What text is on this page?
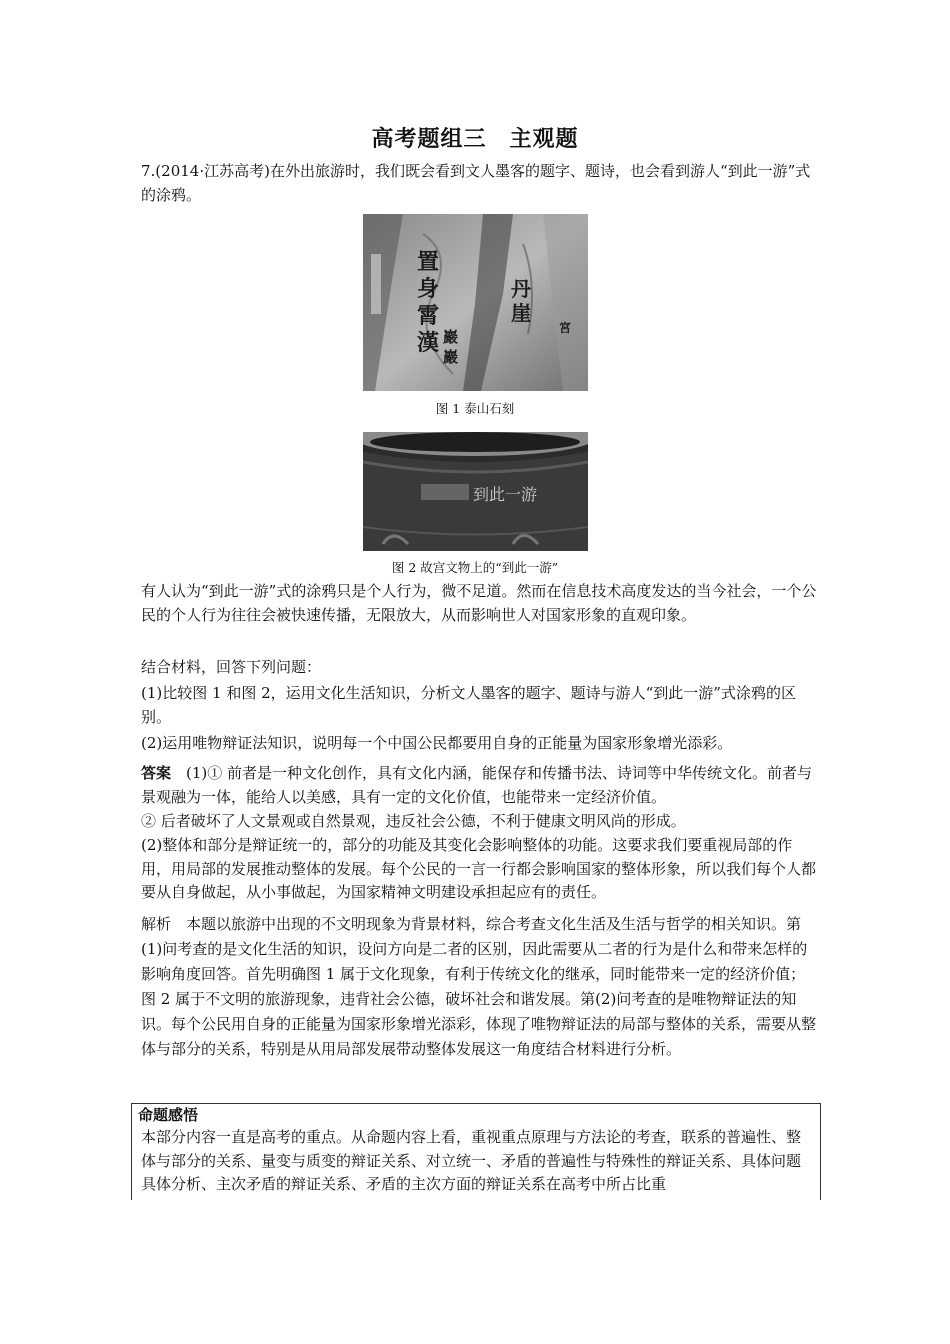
高考题组三　主观题
7.(2014·江苏高考)在外出旅游时，我们既会看到文人墨客的题字、题诗，也会看到游人“到此一游”式的涂鸦。
置
身
霄
漢 巖
巖
丹
崖
宮
图 1 泰山石刻
到此一游
图 2 故宫文物上的“到此一游”
有人认为“到此一游”式的涂鸦只是个人行为，微不足道。然而在信息技术高度发达的当今社会，一个公民的个人行为往往会被快速传播，无限放大，从而影响世人对国家形象的直观印象。
结合材料，回答下列问题：
(1)比较图 1 和图 2，运用文化生活知识，分析文人墨客的题字、题诗与游人“到此一游”式涂鸦的区别。
(2)运用唯物辩证法知识，说明每一个中国公民都要用自身的正能量为国家形象增光添彩。
答案　(1)① 前者是一种文化创作，具有文化内涵，能保存和传播书法、诗词等中华传统文化。前者与景观融为一体，能给人以美感，具有一定的文化价值，也能带来一定经济价值。
② 后者破坏了人文景观或自然景观，违反社会公德，不利于健康文明风尚的形成。
(2)整体和部分是辩证统一的，部分的功能及其变化会影响整体的功能。这要求我们要重视局部的作用，用局部的发展推动整体的发展。每个公民的一言一行都会影响国家的整体形象，所以我们每个人都要从自身做起，从小事做起，为国家精神文明建设承担起应有的责任。
解析　本题以旅游中出现的不文明现象为背景材料，综合考查文化生活及生活与哲学的相关知识。第(1)问考查的是文化生活的知识，设问方向是二者的区别，因此需要从二者的行为是什么和带来怎样的影响角度回答。首先明确图 1 属于文化现象，有利于传统文化的继承，同时能带来一定的经济价值；图 2 属于不文明的旅游现象，违背社会公德，破坏社会和谐发展。第(2)问考查的是唯物辩证法的知识。每个公民用自身的正能量为国家形象增光添彩，体现了唯物辩证法的局部与整体的关系，需要从整体与部分的关系，特别是从用局部发展带动整体发展这一角度结合材料进行分析。
命题感悟
本部分内容一直是高考的重点。从命题内容上看，重视重点原理与方法论的考查，联系的普遍性、整体与部分的关系、量变与质变的辩证关系、对立统一、矛盾的普遍性与特殊性的辩证关系、具体问题具体分析、主次矛盾的辩证关系、矛盾的主次方面的辩证关系在高考中所占比重
